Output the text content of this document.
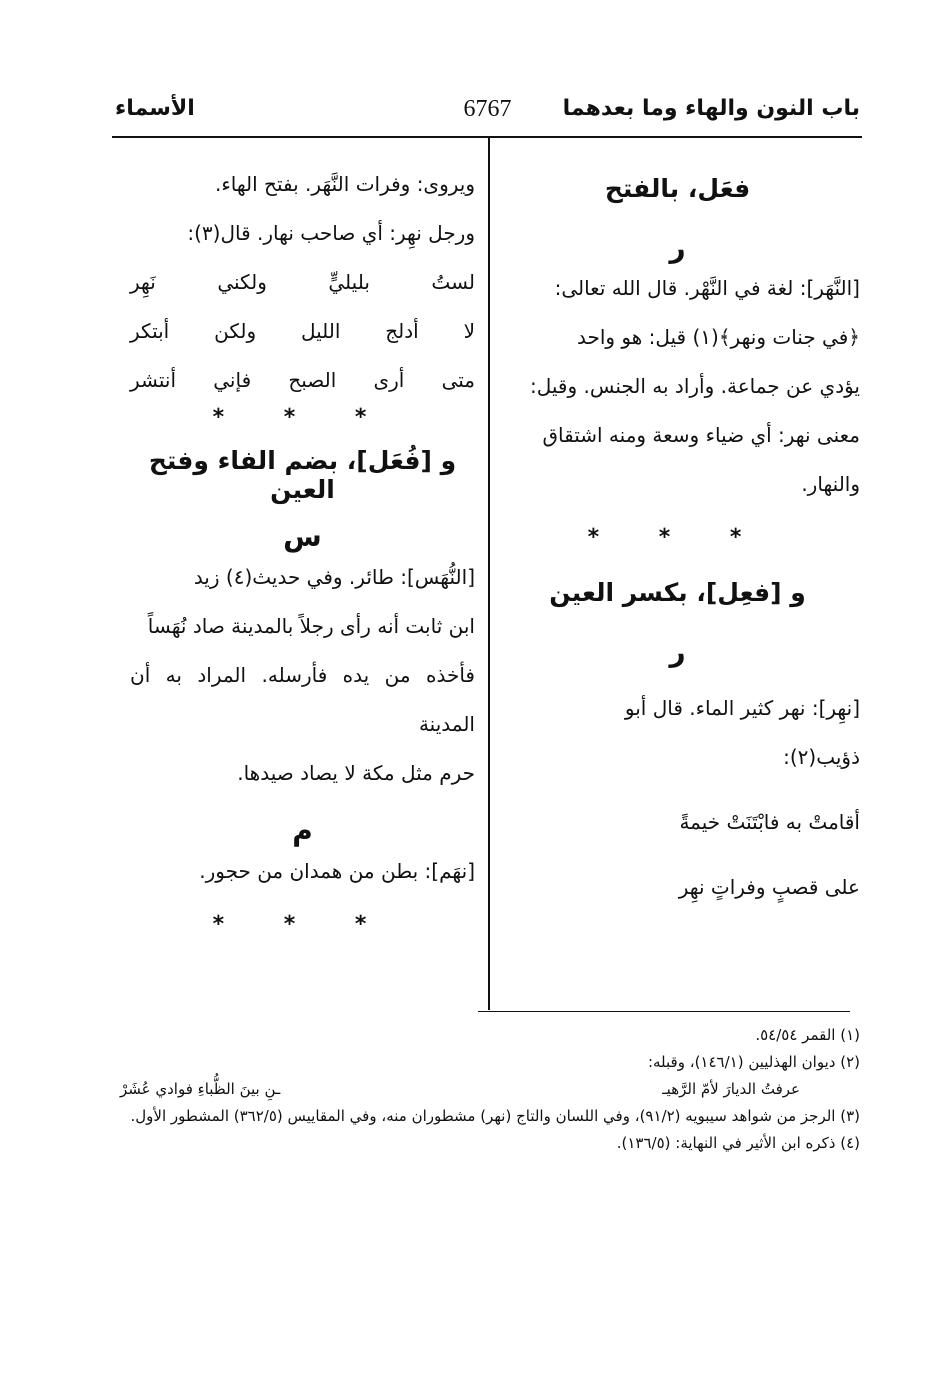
باب النون والهاء وما بعدهما
6767
الأسماء

فعَل، بالفتح

ر

[النَّهَر]: لغة في النَّهْر. قال الله تعالى:

﴿في جنات ونهر﴾(١) قيل: هو واحد

يؤدي عن جماعة. وأراد به الجنس. وقيل:

معنى نهر: أي ضياء وسعة ومنه اشتقاق

والنهار.

* * *

و [فعِل]، بكسر العين

ر

[نهِر]: نهر كثير الماء. قال أبو

ذؤيب(٢):

أقامتْ به فابْتَنَتْ خيمةً

على قصبٍ وفراتٍ نهِر

ويروى: وفرات النَّهَر. بفتح الهاء.

ورجل نهِر: أي صاحب نهار. قال(٣):

لستُ بليليٍّ ولكني نَهِر

لا أدلج الليل ولكن أبتكر

متى أرى الصبح فإني أنتشر

* * *

و [فُعَل]، بضم الفاء وفتح العين

س

[النُّهَس]: طائر. وفي حديث(٤) زيد

ابن ثابت أنه رأى رجلاً بالمدينة صاد نُهَساً

فأخذه من يده فأرسله. المراد به أن المدينة

حرم مثل مكة لا يصاد صيدها.

م

[نهَم]: بطن من همدان من حجور.

* * *

(١) القمر ٥٤/٥٤.

(٢) ديوان الهذليين (١٤٦/١)، وقبله:

عرفتُ الديارَ لأمّ الرَّهيـ
ـنِ بينَ الظُّباءِ فوادي عُشَرْ

(٣) الرجز من شواهد سيبويه (٩١/٢)، وفي اللسان والتاج (نهر) مشطوران منه، وفي المقاييس (٣٦٢/٥) المشطور الأول.

(٤) ذكره ابن الأثير في النهاية: (١٣٦/٥).
